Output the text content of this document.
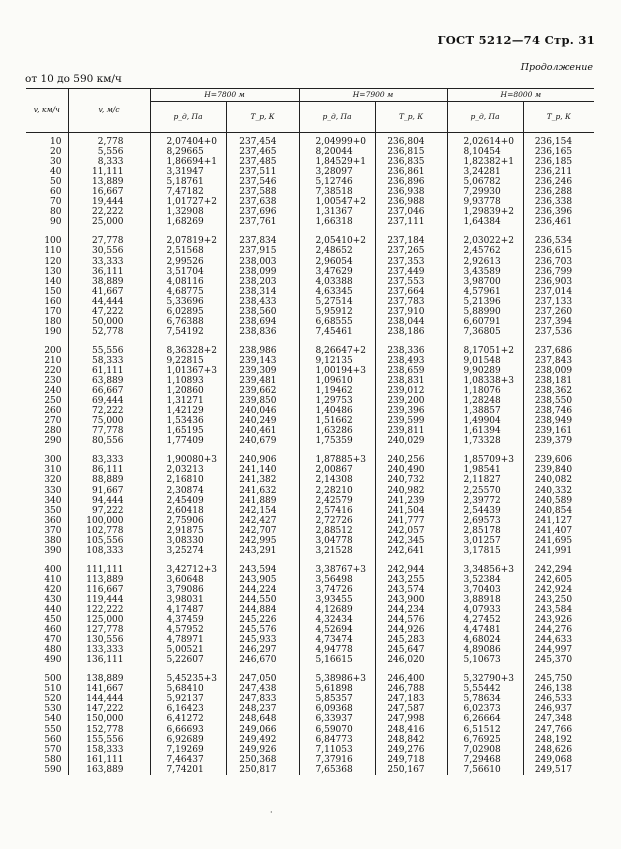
ГОСТ 5212—74 Стр. 31
Продолжение
от 10 до 590 км/ч
v, км/ч	v, м/с	H=7800 м		H=7900 м		H=8000 м	
		р_д, Па	T_р, К	р_д, Па	T_р, К	р_д, Па	T_р, К

10	2,778	2,07404+0	237,454	2,04999+0	236,804	2,02614+0	236,154
20	5,556	8,29665	237,465	8,20044	236,815	8,10454	236,165
30	8,333	1,86694+1	237,485	1,84529+1	236,835	1,82382+1	236,185
40	11,111	3,31947	237,511	3,28097	236,861	3,24281	236,211
50	13,889	5,18761	237,546	5,12746	236,896	5,06782	236,246
60	16,667	7,47182	237,588	7,38518	236,938	7,29930	236,288
70	19,444	1,01727+2	237,638	1,00547+2	236,988	9,93778	236,338
80	22,222	1,32908	237,696	1,31367	237,046	1,29839+2	236,396
90	25,000	1,68269	237,761	1,66318	237,111	1,64384	236,461

100	27,778	2,07819+2	237,834	2,05410+2	237,184	2,03022+2	236,534
110	30,556	2,51568	237,915	2,48652	237,265	2,45762	236,615
120	33,333	2,99526	238,003	2,96054	237,353	2,92613	236,703
130	36,111	3,51704	238,099	3,47629	237,449	3,43589	236,799
140	38,889	4,08116	238,203	4,03388	237,553	3,98700	236,903
150	41,667	4,68775	238,314	4,63345	237,664	4,57961	237,014
160	44,444	5,33696	238,433	5,27514	237,783	5,21396	237,133
170	47,222	6,02895	238,560	5,95912	237,910	5,88990	237,260
180	50,000	6,76388	238,694	6,68555	238,044	6,60791	237,394
190	52,778	7,54192	238,836	7,45461	238,186	7,36805	237,536

200	55,556	8,36328+2	238,986	8,26647+2	238,336	8,17051+2	237,686
210	58,333	9,22815	239,143	9,12135	238,493	9,01548	237,843
220	61,111	1,01367+3	239,309	1,00194+3	238,659	9,90289	238,009
230	63,889	1,10893	239,481	1,09610	238,831	1,08338+3	238,181
240	66,667	1,20860	239,662	1,19462	239,012	1,18076	238,362
250	69,444	1,31271	239,850	1,29753	239,200	1,28248	238,550
260	72,222	1,42129	240,046	1,40486	239,396	1,38857	238,746
270	75,000	1,53436	240,249	1,51662	239,599	1,49904	238,949
280	77,778	1,65195	240,461	1,63286	239,811	1,61394	239,161
290	80,556	1,77409	240,679	1,75359	240,029	1,73328	239,379

300	83,333	1,90080+3	240,906	1,87885+3	240,256	1,85709+3	239,606
310	86,111	2,03213	241,140	2,00867	240,490	1,98541	239,840
320	88,889	2,16810	241,382	2,14308	240,732	2,11827	240,082
330	91,667	2,30874	241,632	2,28210	240,982	2,25570	240,332
340	94,444	2,45409	241,889	2,42579	241,239	2,39772	240,589
350	97,222	2,60418	242,154	2,57416	241,504	2,54439	240,854
360	100,000	2,75906	242,427	2,72726	241,777	2,69573	241,127
370	102,778	2,91875	242,707	2,88512	242,057	2,85178	241,407
380	105,556	3,08330	242,995	3,04778	242,345	3,01257	241,695
390	108,333	3,25274	243,291	3,21528	242,641	3,17815	241,991

400	111,111	3,42712+3	243,594	3,38767+3	242,944	3,34856+3	242,294
410	113,889	3,60648	243,905	3,56498	243,255	3,52384	242,605
420	116,667	3,79086	244,224	3,74726	243,574	3,70403	242,924
430	119,444	3,98031	244,550	3,93455	243,900	3,88918	243,250
440	122,222	4,17487	244,884	4,12689	244,234	4,07933	243,584
450	125,000	4,37459	245,226	4,32434	244,576	4,27452	243,926
460	127,778	4,57952	245,576	4,52694	244,926	4,47481	244,276
470	130,556	4,78971	245,933	4,73474	245,283	4,68024	244,633
480	133,333	5,00521	246,297	4,94778	245,647	4,89086	244,997
490	136,111	5,22607	246,670	5,16615	246,020	5,10673	245,370

500	138,889	5,45235+3	247,050	5,38986+3	246,400	5,32790+3	245,750
510	141,667	5,68410	247,438	5,61898	246,788	5,55442	246,138
520	144,444	5,92137	247,833	5,85357	247,183	5,78634	246,533
530	147,222	6,16423	248,237	6,09368	247,587	6,02373	246,937
540	150,000	6,41272	248,648	6,33937	247,998	6,26664	247,348
550	152,778	6,66693	249,066	6,59070	248,416	6,51512	247,766
560	155,556	6,92689	249,492	6,84773	248,842	6,76925	248,192
570	158,333	7,19269	249,926	7,11053	249,276	7,02908	248,626
580	161,111	7,46437	250,368	7,37916	249,718	7,29468	249,068
590	163,889	7,74201	250,817	7,65368	250,167	7,56610	249,517
·
